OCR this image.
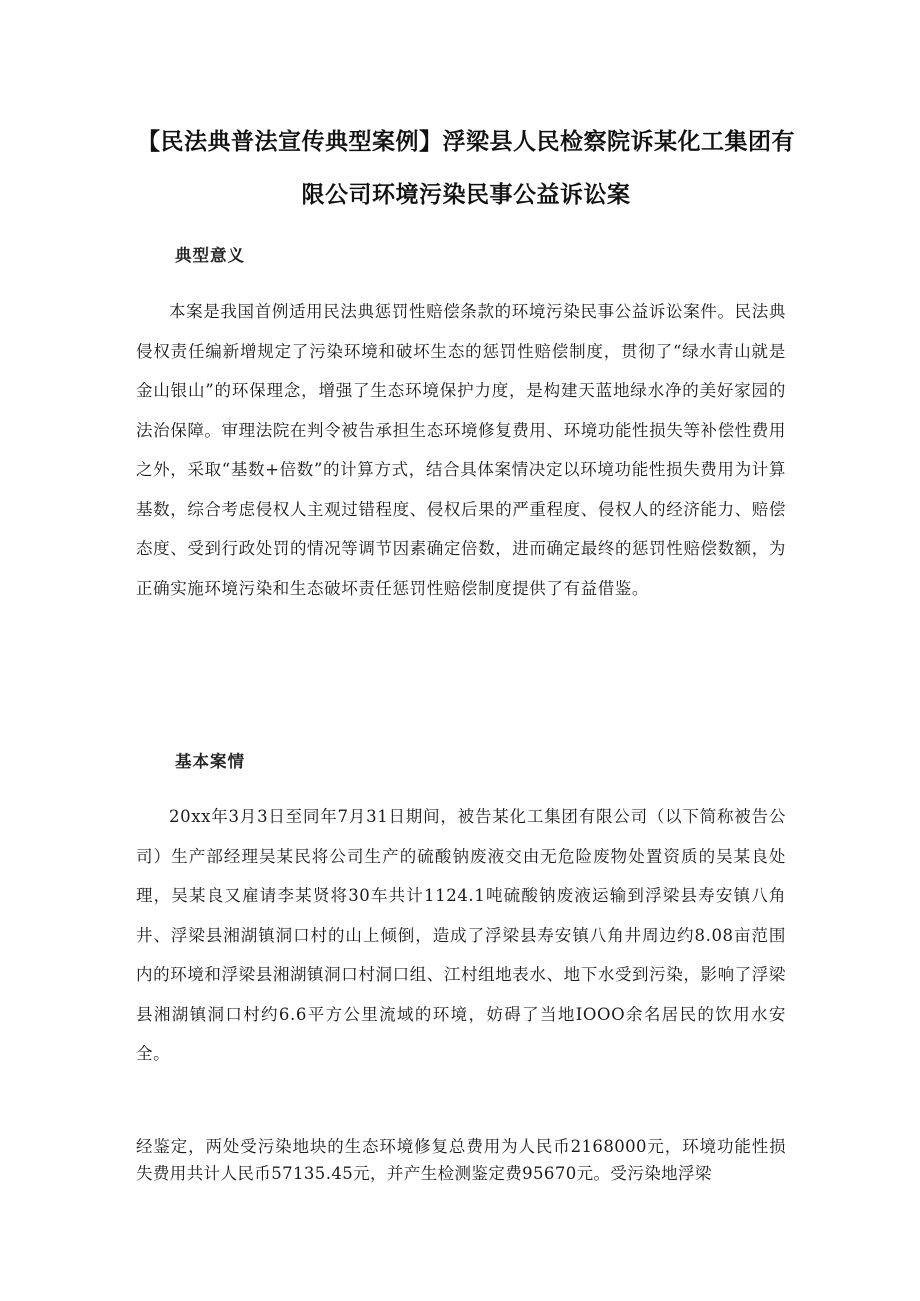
【民法典普法宣传典型案例】浮梁县人民检察院诉某化工集团有限公司环境污染民事公益诉讼案
典型意义

本案是我国首例适用民法典惩罚性赔偿条款的环境污染民事公益诉讼案件。民法典侵权责任编新增规定了污染环境和破坏生态的惩罚性赔偿制度，贯彻了“绿水青山就是金山银山”的环保理念，增强了生态环境保护力度，是构建天蓝地绿水净的美好家园的法治保障。审理法院在判令被告承担生态环境修复费用、环境功能性损失等补偿性费用之外，采取“基数+倍数”的计算方式，结合具体案情决定以环境功能性损失费用为计算基数，综合考虑侵权人主观过错程度、侵权后果的严重程度、侵权人的经济能力、赔偿态度、受到行政处罚的情况等调节因素确定倍数，进而确定最终的惩罚性赔偿数额，为正确实施环境污染和生态破坏责任惩罚性赔偿制度提供了有益借鉴。

基本案情

20xx年3月3日至同年7月31日期间，被告某化工集团有限公司（以下简称被告公司）生产部经理吴某民将公司生产的硫酸钠废液交由无危险废物处置资质的吴某良处理，吴某良又雇请李某贤将30车共计1124.1吨硫酸钠废液运输到浮梁县寿安镇八角井、浮梁县湘湖镇洞口村的山上倾倒，造成了浮梁县寿安镇八角井周边约8.08亩范围内的环境和浮梁县湘湖镇洞口村洞口组、江村组地表水、地下水受到污染，影响了浮梁县湘湖镇洞口村约6.6平方公里流域的环境，妨碍了当地IOOO余名居民的饮用水安全。

经鉴定，两处受污染地块的生态环境修复总费用为人民币2168000元，环境功能性损失费用共计人民币57135.45元，并产生检测鉴定费95670元。受污染地浮梁
